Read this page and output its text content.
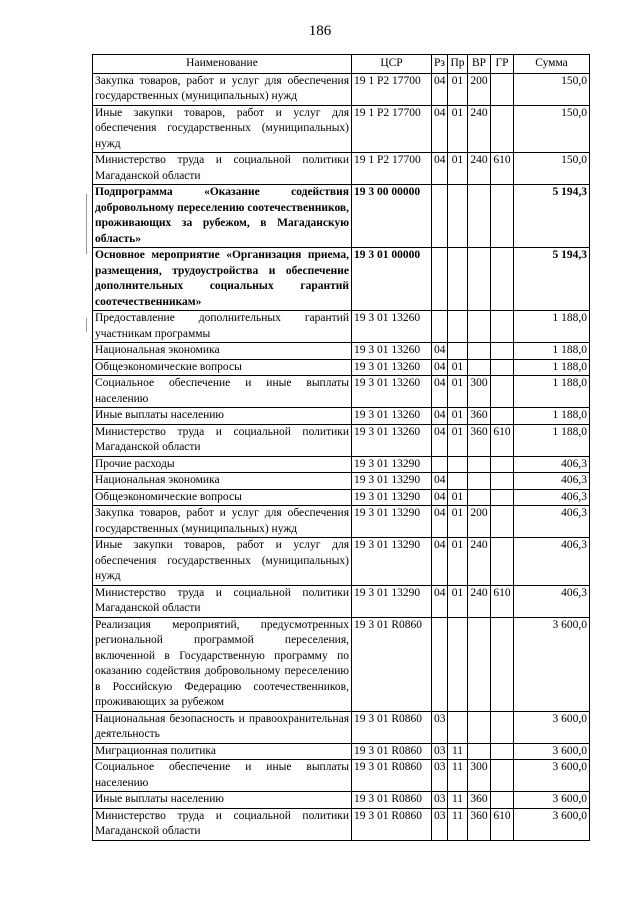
186
Наименование	ЦСР	Рз	Пр	ВР	ГР	Сумма
Закупка товаров, работ и услуг для обеспечения государственных (муниципальных) нужд	19 1 P2 17700	04	01	200		150,0
Иные закупки товаров, работ и услуг для обеспечения государственных (муниципальных) нужд	19 1 P2 17700	04	01	240		150,0
Министерство труда и социальной политики Магаданской области	19 1 P2 17700	04	01	240	610	150,0
Подпрограмма «Оказание содействия добровольному переселению соотечественников, проживающих за рубежом, в Магаданскую область»	19 3 00 00000					5 194,3
Основное мероприятие «Организация приема, размещения, трудоустройства и обеспечение дополнительных социальных гарантий соотечественникам»	19 3 01 00000					5 194,3
Предоставление дополнительных гарантий участникам программы	19 3 01 13260					1 188,0
Национальная экономика	19 3 01 13260	04				1 188,0
Общеэкономические вопросы	19 3 01 13260	04	01			1 188,0
Социальное обеспечение и иные выплаты населению	19 3 01 13260	04	01	300		1 188,0
Иные выплаты населению	19 3 01 13260	04	01	360		1 188,0
Министерство труда и социальной политики Магаданской области	19 3 01 13260	04	01	360	610	1 188,0
Прочие расходы	19 3 01 13290					406,3
Национальная экономика	19 3 01 13290	04				406,3
Общеэкономические вопросы	19 3 01 13290	04	01			406,3
Закупка товаров, работ и услуг для обеспечения государственных (муниципальных) нужд	19 3 01 13290	04	01	200		406,3
Иные закупки товаров, работ и услуг для обеспечения государственных (муниципальных) нужд	19 3 01 13290	04	01	240		406,3
Министерство труда и социальной политики Магаданской области	19 3 01 13290	04	01	240	610	406,3
Реализация мероприятий, предусмотренных региональной программой переселения, включенной в Государственную программу по оказанию содействия добровольному переселению в Российскую Федерацию соотечественников, проживающих за рубежом	19 3 01 R0860					3 600,0
Национальная безопасность и правоохранительная деятельность	19 3 01 R0860	03				3 600,0
Миграционная политика	19 3 01 R0860	03	11			3 600,0
Социальное обеспечение и иные выплаты населению	19 3 01 R0860	03	11	300		3 600,0
Иные выплаты населению	19 3 01 R0860	03	11	360		3 600,0
Министерство труда и социальной политики Магаданской области	19 3 01 R0860	03	11	360	610	3 600,0
